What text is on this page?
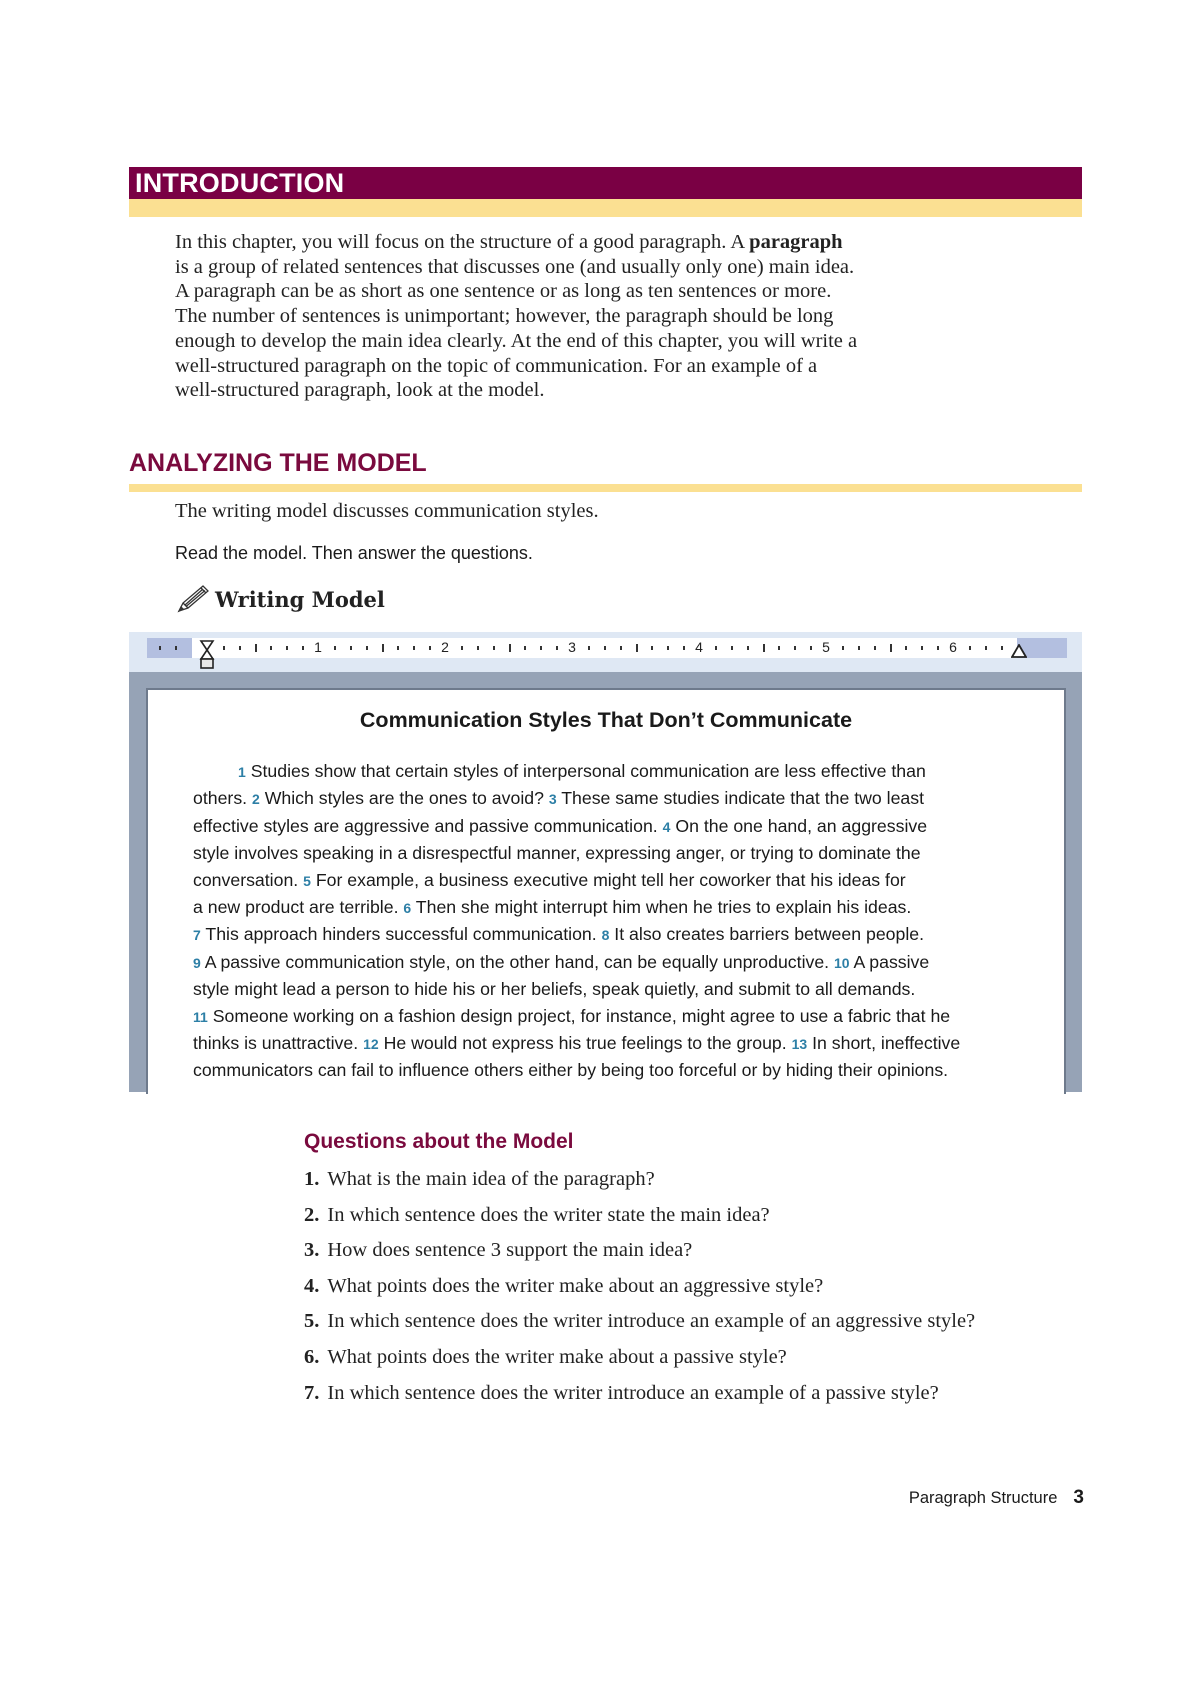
INTRODUCTION
In this chapter, you will focus on the structure of a good paragraph. A paragraph
is a group of related sentences that discusses one (and usually only one) main idea.
A paragraph can be as short as one sentence or as long as ten sentences or more.
The number of sentences is unimportant; however, the paragraph should be long
enough to develop the main idea clearly. At the end of this chapter, you will write a
well-structured paragraph on the topic of communication. For an example of a
well-structured paragraph, look at the model.
ANALYZING THE MODEL
The writing model discusses communication styles.
Read the model. Then answer the questions.
Writing Model
1	2	3	4	5	6
Communication Styles That Don’t Communicate
1 Studies show that certain styles of interpersonal communication are less effective than
others. 2 Which styles are the ones to avoid? 3 These same studies indicate that the two least
effective styles are aggressive and passive communication. 4 On the one hand, an aggressive
style involves speaking in a disrespectful manner, expressing anger, or trying to dominate the
conversation. 5 For example, a business executive might tell her coworker that his ideas for
a new product are terrible. 6 Then she might interrupt him when he tries to explain his ideas.
7 This approach hinders successful communication. 8 It also creates barriers between people.
9 A passive communication style, on the other hand, can be equally unproductive. 10 A passive
style might lead a person to hide his or her beliefs, speak quietly, and submit to all demands.
11 Someone working on a fashion design project, for instance, might agree to use a fabric that he
thinks is unattractive. 12 He would not express his true feelings to the group. 13 In short, ineffective
communicators can fail to influence others either by being too forceful or by hiding their opinions.
Questions about the Model
1. What is the main idea of the paragraph?
2. In which sentence does the writer state the main idea?
3. How does sentence 3 support the main idea?
4. What points does the writer make about an aggressive style?
5. In which sentence does the writer introduce an example of an aggressive style?
6. What points does the writer make about a passive style?
7. In which sentence does the writer introduce an example of a passive style?
Paragraph Structure 3
